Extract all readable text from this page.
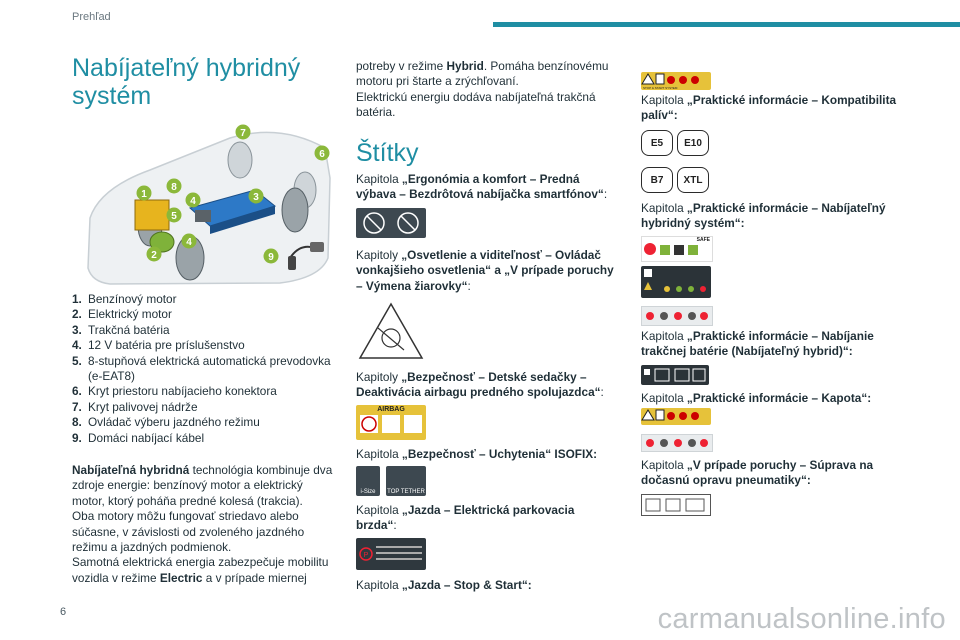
Prehľad
Nabíjateľný hybridný systém
1
2
3
4
4
5
6
7
8
9
1. Benzínový motor
2. Elektrický motor
3. Trakčná batéria
4. 12 V batéria pre príslušenstvo
5. 8-stupňová elektrická automatická prevodovka (e-EAT8)
6. Kryt priestoru nabíjacieho konektora
7. Kryt palivovej nádrže
8. Ovládač výberu jazdného režimu
9. Domáci nabíjací kábel
Nabíjateľná hybridná technológia kombinuje dva zdroje energie: benzínový motor a elektrický motor, ktorý poháňa predné kolesá (trakcia).
Oba motory môžu fungovať striedavo alebo súčasne, v závislosti od zvoleného jazdného režimu a jazdných podmienok.
Samotná elektrická energia zabezpečuje mobilitu vozidla v režime Electric a v prípade miernej
potreby v režime Hybrid. Pomáha benzínovému motoru pri štarte a zrýchľovaní.
Elektrickú energiu dodáva nabíjateľná trakčná batéria.
Štítky
Kapitola „Ergonómia a komfort – Predná výbava – Bezdrôtová nabíjačka smartfónov“:
Kapitoly „Osvetlenie a viditeľnosť – Ovládač vonkajšieho osvetlenia“ a „V prípade poruchy – Výmena žiarovky“:
Kapitoly „Bezpečnosť – Detské sedačky – Deaktivácia airbagu predného spolujazdca“:
AIRBAG
Kapitola „Bezpečnosť – Uchytenia“ ISOFIX:
i-Size	TOP TETHER
Kapitola „Jazda – Elektrická parkovacia brzda“:
P
Kapitola „Jazda – Stop & Start“:
STOP & START SYSTEM
Kapitola „Praktické informácie – Kompatibilita palív“:
E5	E10
B7	XTL
Kapitola „Praktické informácie – Nabíjateľný hybridný systém“:
SAFE
Kapitola „Praktické informácie – Nabíjanie trakčnej batérie (Nabíjateľný hybrid)“:
Kapitola „Praktické informácie – Kapota“:
Kapitola „V prípade poruchy – Súprava na dočasnú opravu pneumatiky“:
6	carmanualsonline.info
